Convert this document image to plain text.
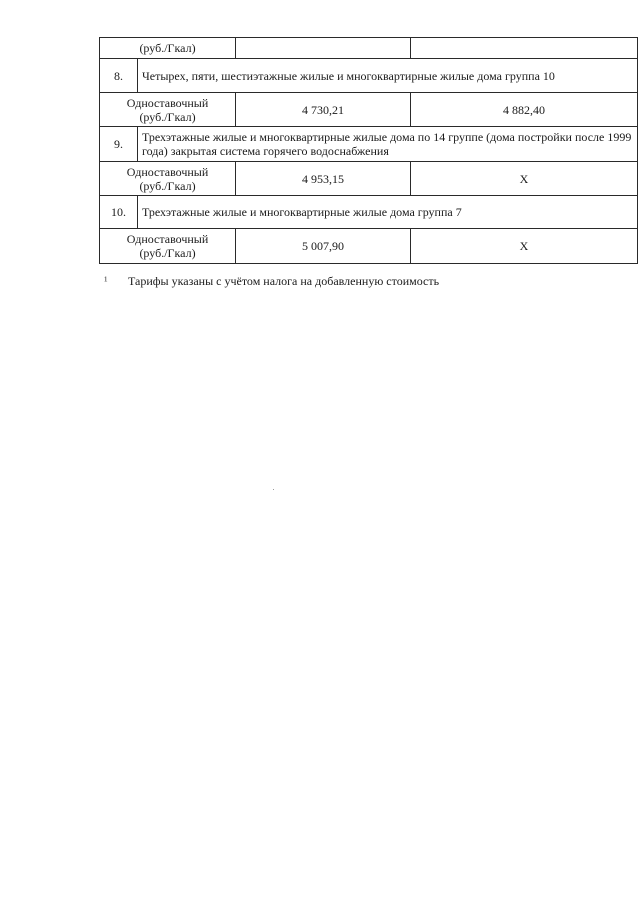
(руб./Гкал)			
8.	Четырех, пяти, шестиэтажные жилые и многоквартирные жилые дома группа 10		

Одноставочный
(руб./Гкал)		4 730,21	4 882,40
9.	Трехэтажные жилые и многоквартирные жилые дома по 14 группе (дома постройки после 1999 года) закрытая система горячего водоснабжения		

Одноставочный
(руб./Гкал)		4 953,15	Х
10.	Трехэтажные жилые и многоквартирные жилые дома группа 7		

Одноставочный
(руб./Гкал)		5 007,90	Х
¹ Тарифы указаны с учётом налога на добавленную стоимость
